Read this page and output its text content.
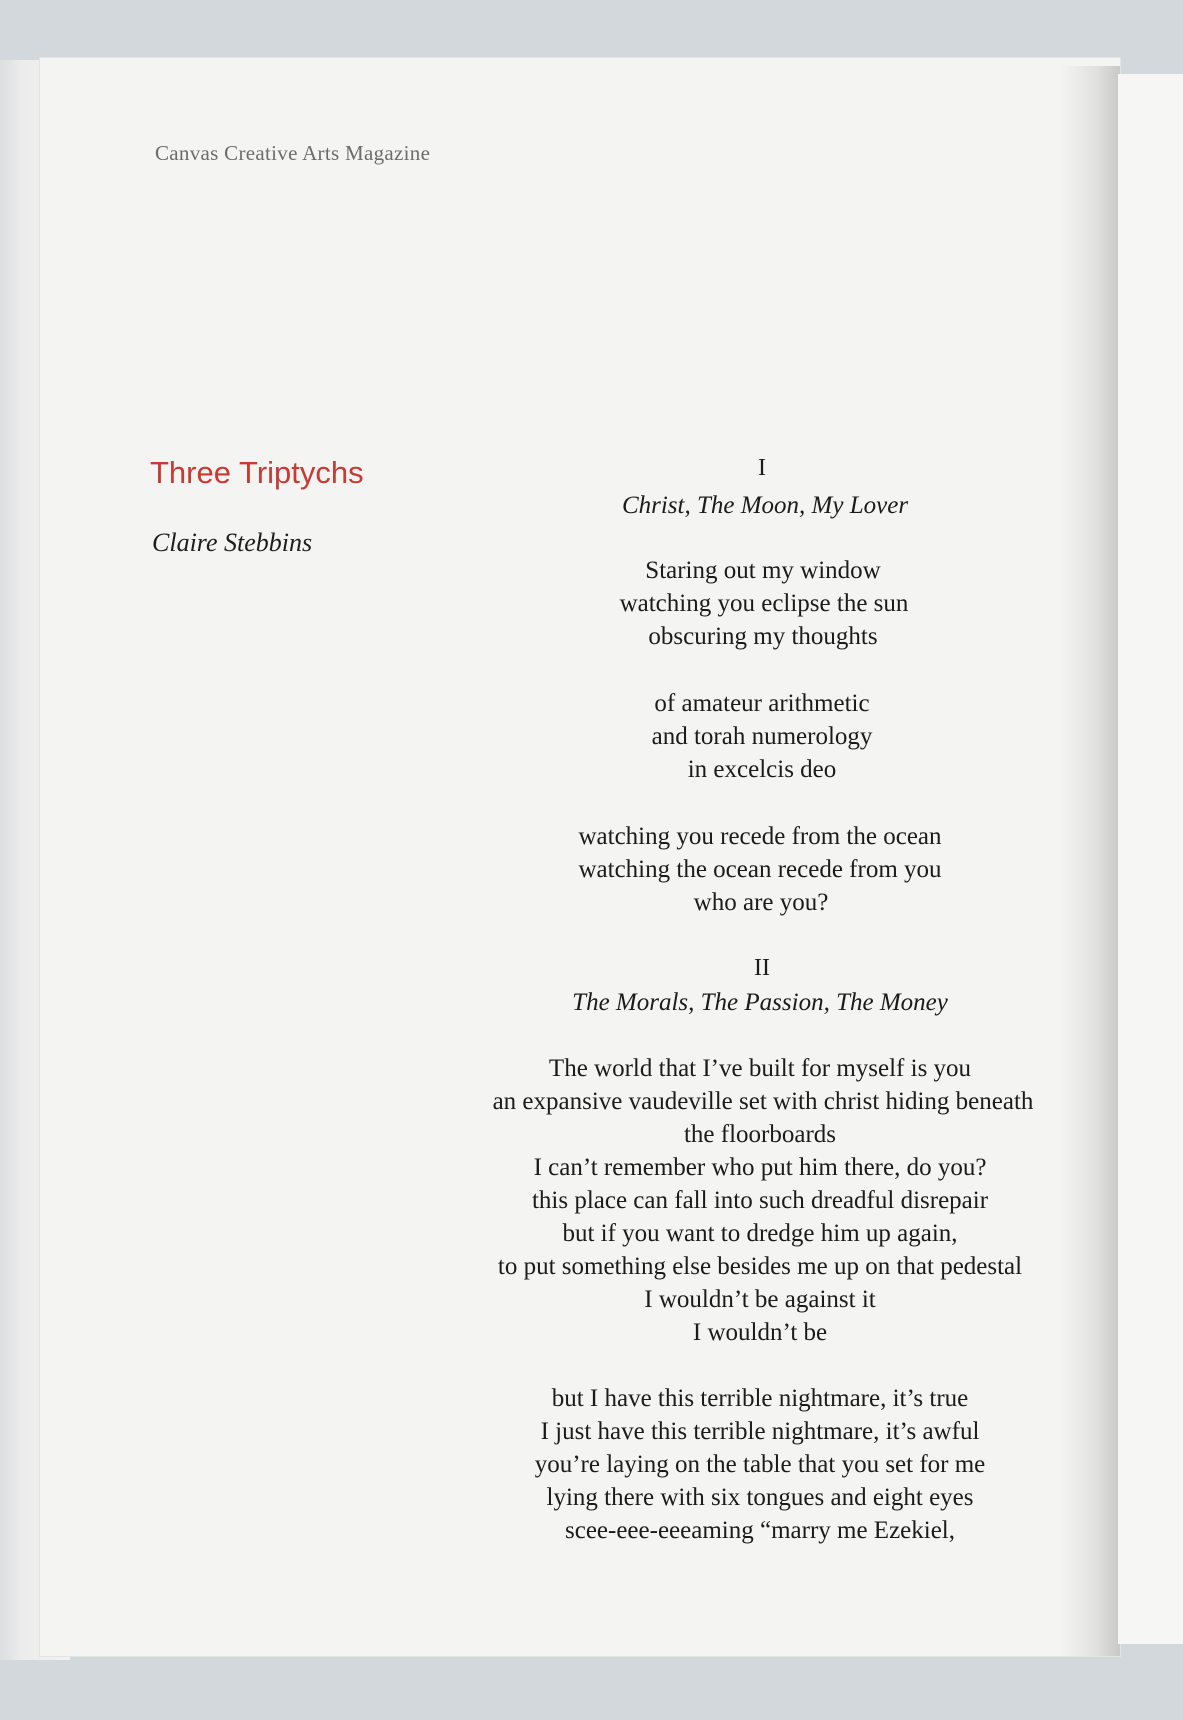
Canvas Creative Arts Magazine
Three Triptychs
Claire Stebbins
I
Christ, The Moon, My Lover
Staring out my window
watching you eclipse the sun
obscuring my thoughts
of amateur arithmetic
and torah numerology
in excelcis deo
watching you recede from the ocean
watching the ocean recede from you
who are you?
II
The Morals, The Passion, The Money
The world that I’ve built for myself is you
an expansive vaudeville set with christ hiding beneath
the floorboards
I can’t remember who put him there, do you?
this place can fall into such dreadful disrepair
but if you want to dredge him up again,
to put something else besides me up on that pedestal
I wouldn’t be against it
I wouldn’t be
but I have this terrible nightmare, it’s true
I just have this terrible nightmare, it’s awful
you’re laying on the table that you set for me
lying there with six tongues and eight eyes
scee-eee-eeeaming “marry me Ezekiel,
